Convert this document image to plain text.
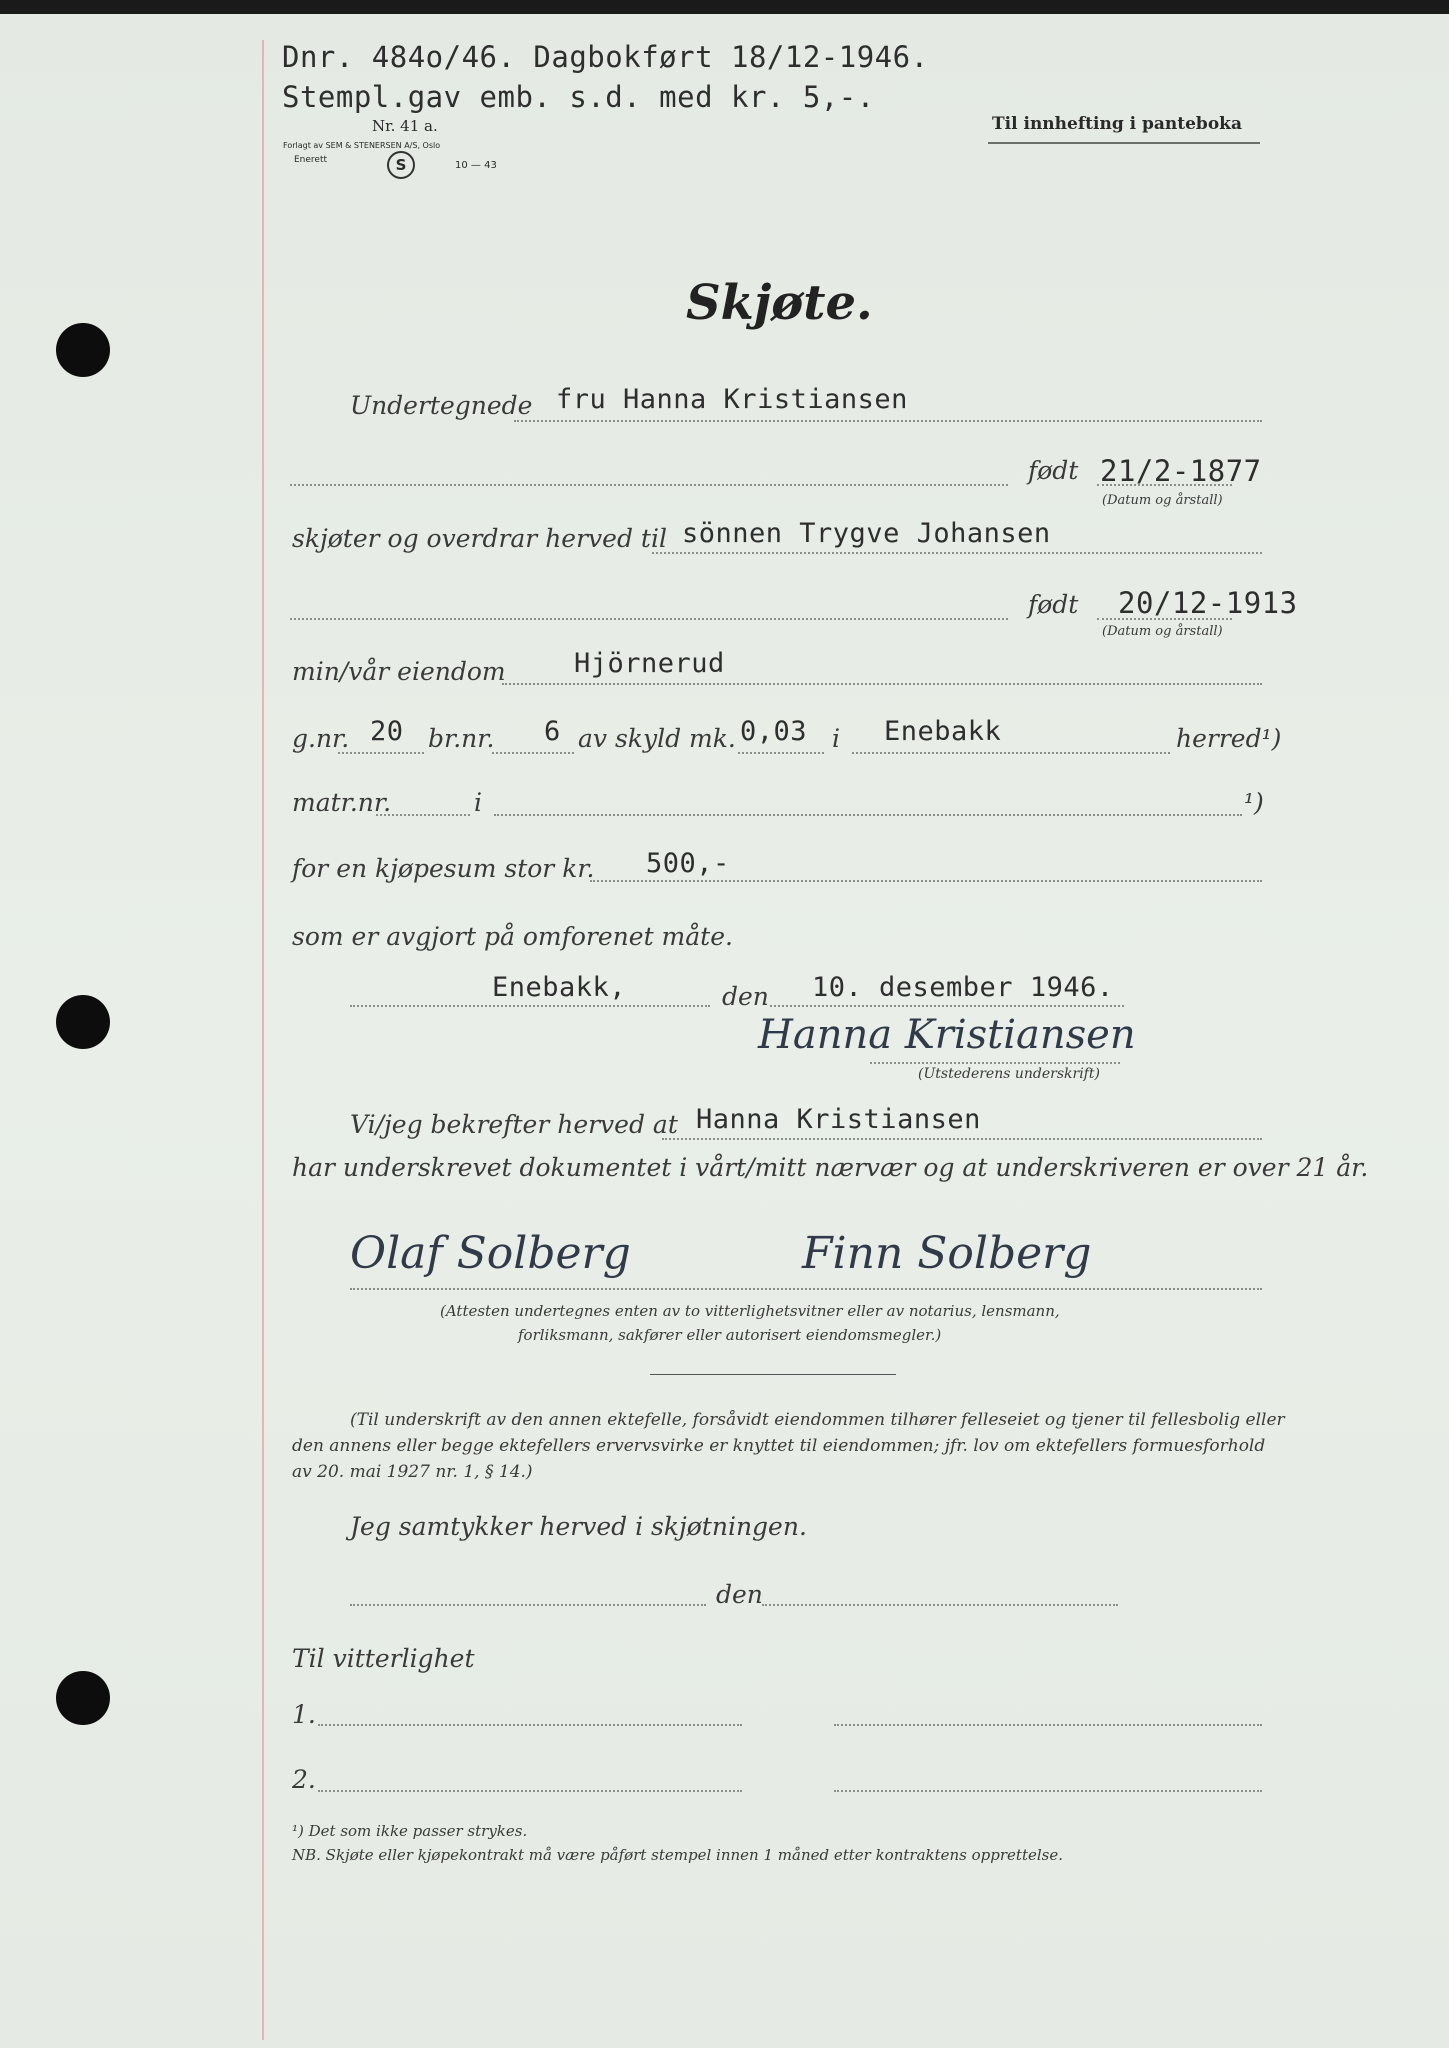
Dnr. 484o/46. Dagbokført 18/12-1946.
Stempl.gav emb. s.d. med kr. 5,-.
Nr. 41 a.
Forlagt av SEM & STENERSEN A/S, Oslo
Enerett	S	10 — 43
Til innhefting i panteboka
Skjøte.
Undertegnede fru Hanna Kristiansen
født 21/2-1877
(Datum og årstall)
skjøter og overdrar herved til sönnen Trygve Johansen
født 20/12-1913
(Datum og årstall)
min/vår eiendom	Hjörnerud
g.nr. 20 br.nr. 6 av skyld mk. 0,03 i Enebakk	herred¹)
matr.nr.	i	¹)
for en kjøpesum stor kr. 500,-
som er avgjort på omforenet måte.
Enebakk,	den 10. desember 1946.
Hanna Kristiansen
(Utstederens underskrift)
Vi/jeg bekrefter herved at Hanna Kristiansen
har underskrevet dokumentet i vårt/mitt nærvær og at underskriveren er over 21 år.
Olaf Solberg	Finn Solberg
(Attesten undertegnes enten av to vitterlighetsvitner eller av notarius, lensmann,
forliksmann, sakfører eller autorisert eiendomsmegler.)
(Til underskrift av den annen ektefelle, forsåvidt eiendommen tilhører felleseiet og tjener til fellesbolig eller
den annens eller begge ektefellers ervervsvirke er knyttet til eiendommen; jfr. lov om ektefellers formuesforhold
av 20. mai 1927 nr. 1, § 14.)
Jeg samtykker herved i skjøtningen.
den
Til vitterlighet
1.
2.
¹) Det som ikke passer strykes.
NB. Skjøte eller kjøpekontrakt må være påført stempel innen 1 måned etter kontraktens opprettelse.
